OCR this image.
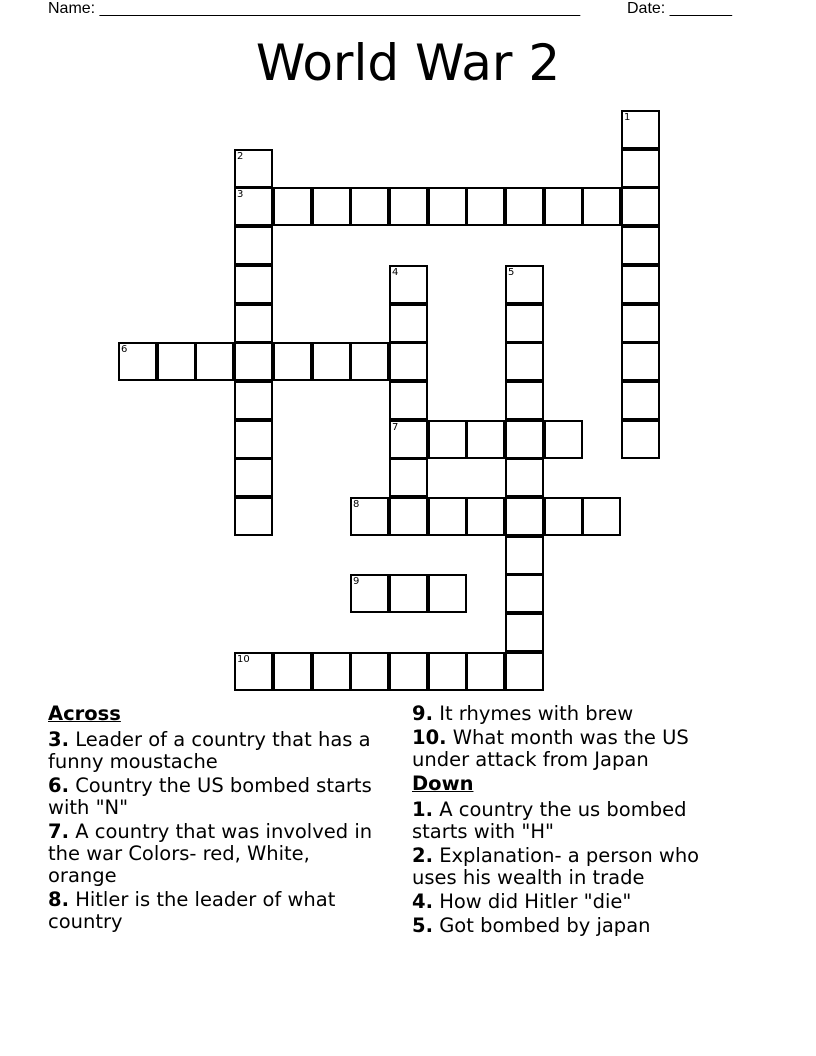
Name: ______________________________________________________	Date: _______
World War 2
1
2
3
4
7
5
6
8
9
10
Across
3. Leader of a country that has a funny moustache
6. Country the US bombed starts with "N"
7. A country that was involved in the war Colors- red, White, orange
8. Hitler is the leader of what country
9. It rhymes with brew
10. What month was the US under attack from Japan
Down
1. A country the us bombed starts with "H"
2. Explanation- a person who uses his wealth in trade
4. How did Hitler "die"
5. Got bombed by japan
